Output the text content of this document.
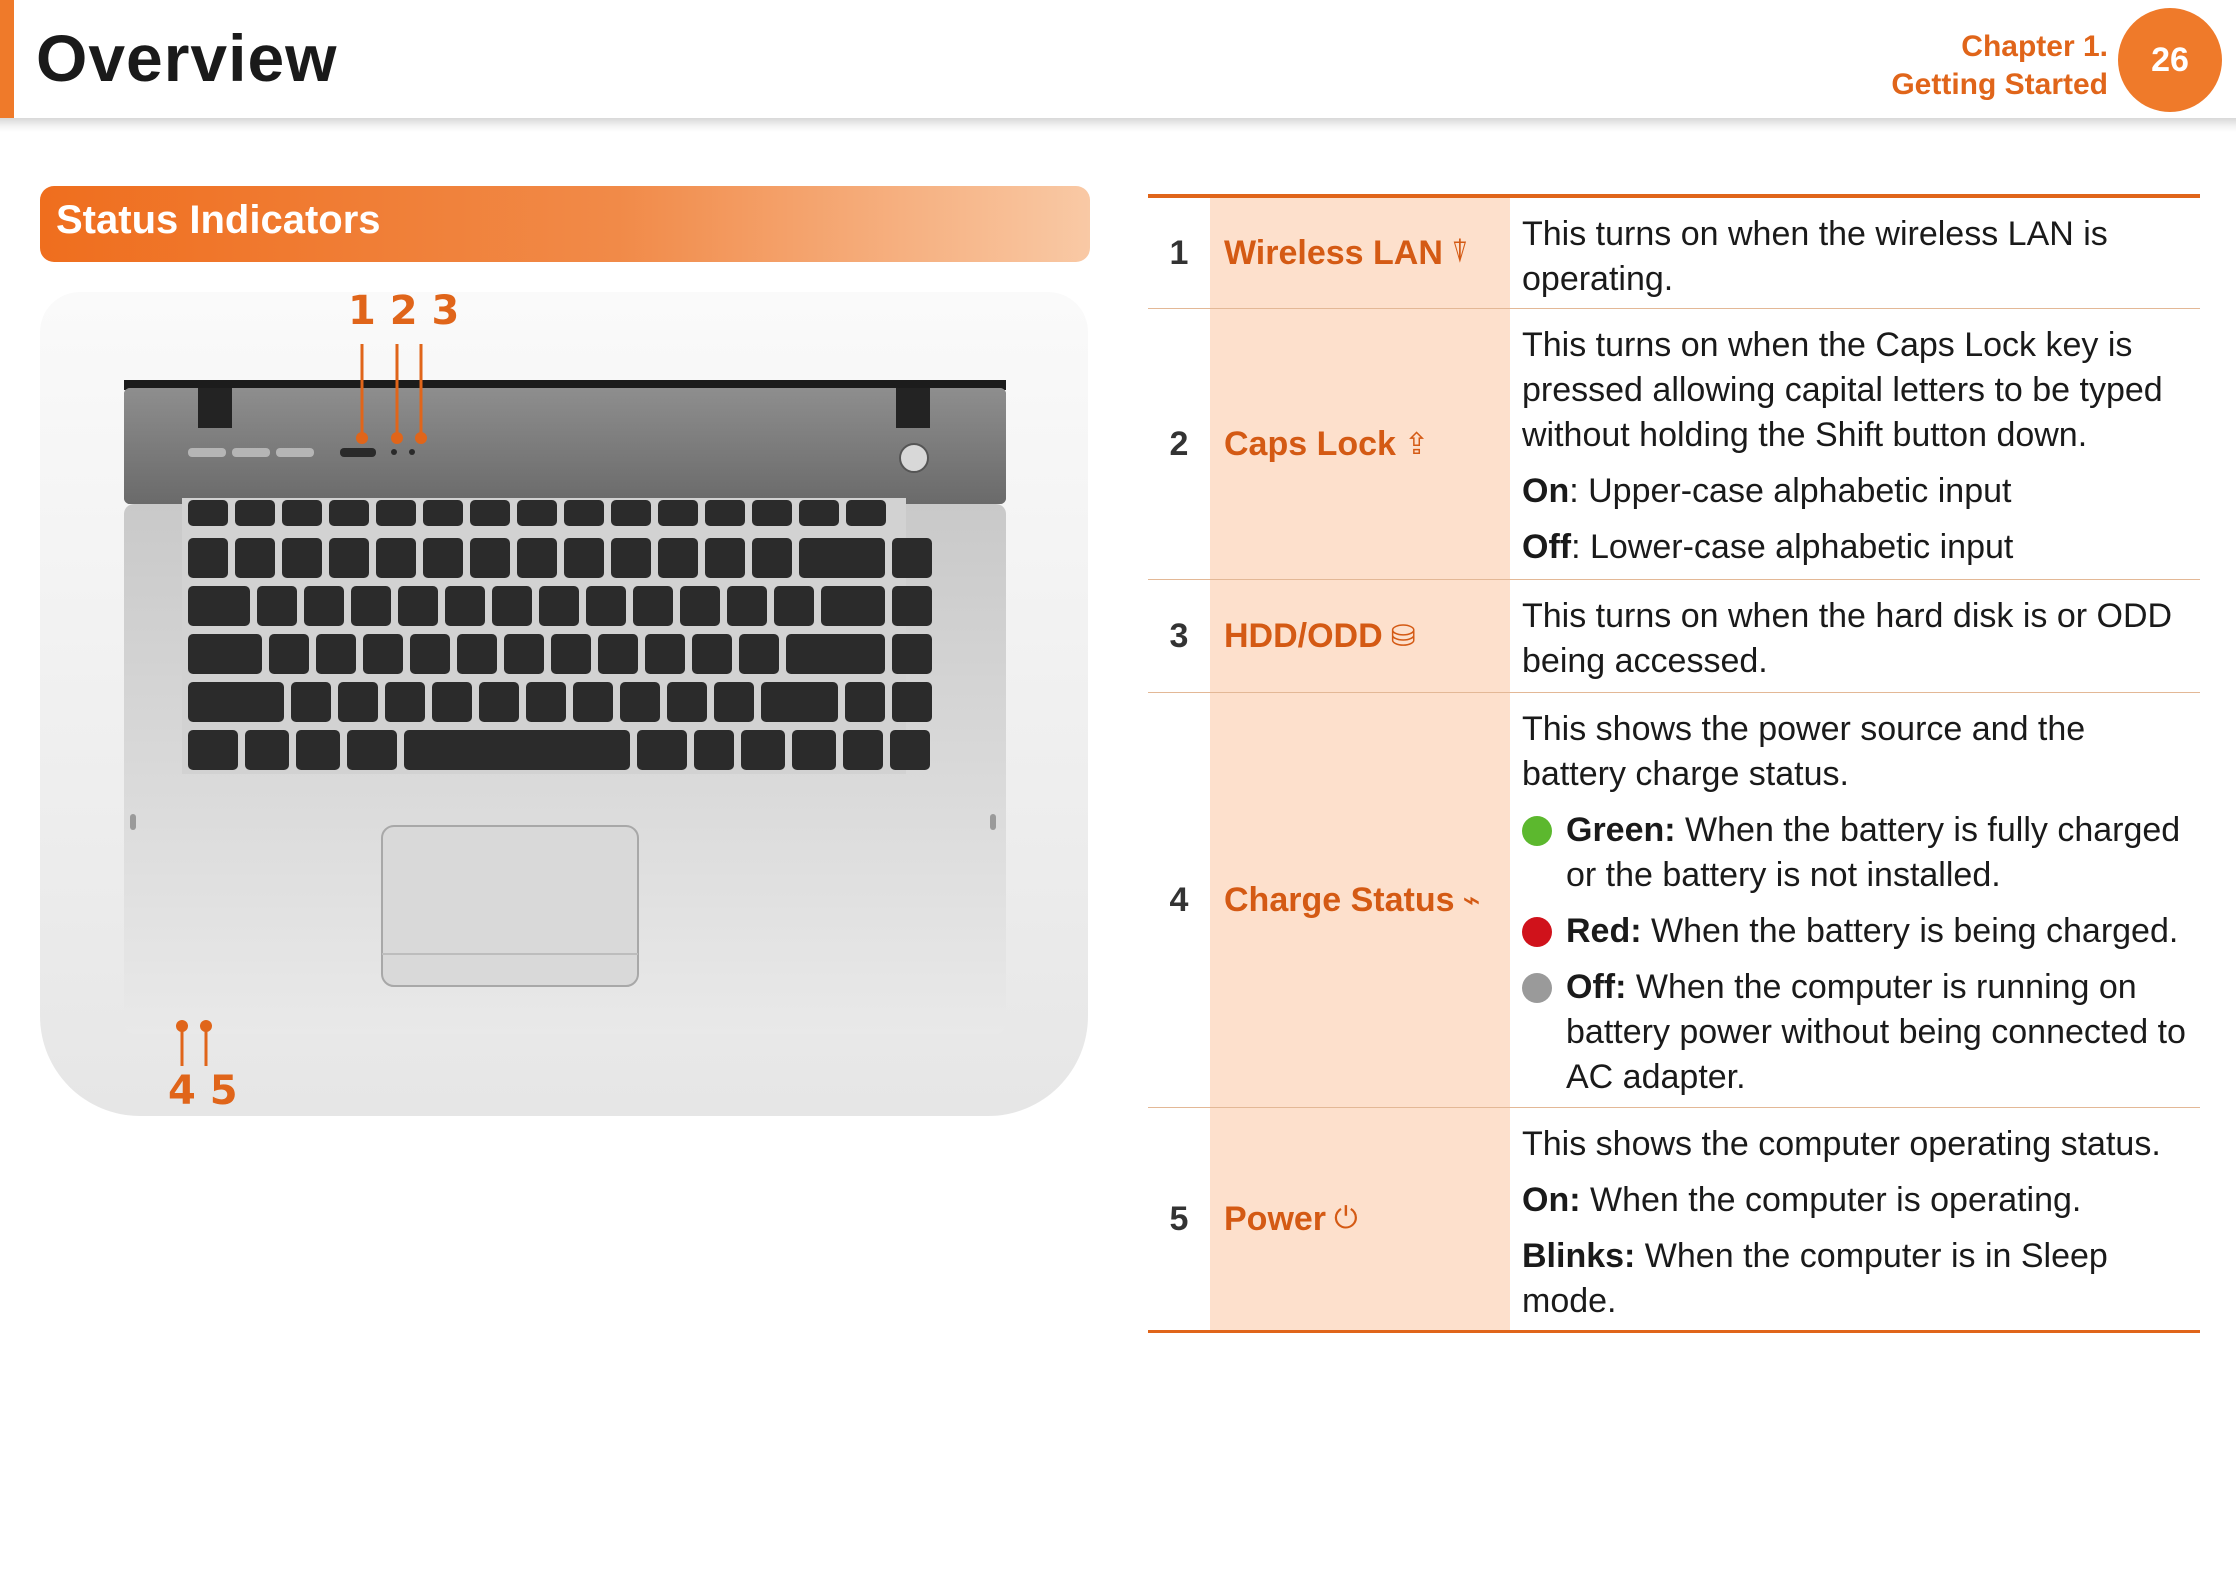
Overview	Chapter 1.
Getting Started
26
Status Indicators
1 2 3
4 5
1	Wireless LAN ⍒ This turns on when the wireless LAN is operating.

2	Caps Lock ⇪

This turns on when the Caps Lock key is pressed allowing capital letters to be typed without holding the Shift button down.

On: Upper-case alphabetic input

Off: Lower-case alphabetic input

3	HDD/ODD ⛁

This turns on when the hard disk is or ODD being accessed.

4	Charge Status ⌁

This shows the power source and the battery charge status.

Green: When the battery is fully charged or the battery is not installed.
Red: When the battery is being charged.
Off: When the computer is running on battery power without being connected to AC adapter.
5	Power ⏻

This shows the computer operating status.

On: When the computer is operating.

Blinks: When the computer is in Sleep mode.
